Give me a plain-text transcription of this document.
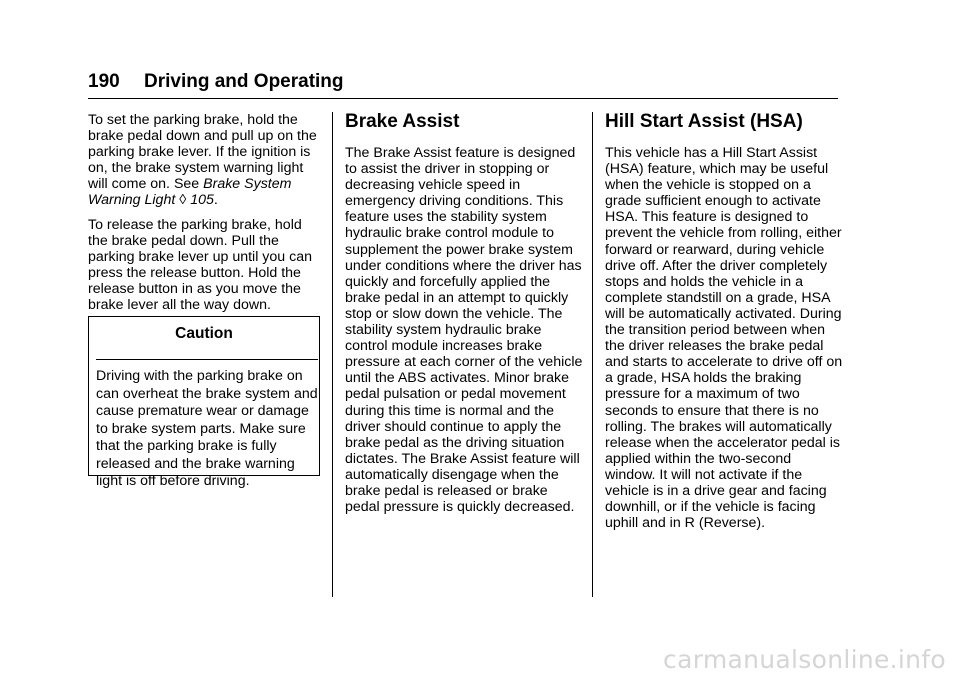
190 Driving and Operating

To set the parking brake, hold the brake pedal down and pull up on the parking brake lever. If the ignition is on, the brake system warning light will come on. See Brake System Warning Light ◊ 105.

To release the parking brake, hold the brake pedal down. Pull the parking brake lever up until you can press the release button. Hold the release button in as you move the brake lever all the way down.

Caution
Driving with the parking brake on can overheat the brake system and cause premature wear or damage to brake system parts. Make sure that the parking brake is fully released and the brake warning light is off before driving.
Brake Assist

The Brake Assist feature is designed to assist the driver in stopping or decreasing vehicle speed in emergency driving conditions. This feature uses the stability system hydraulic brake control module to supplement the power brake system under conditions where the driver has quickly and forcefully applied the brake pedal in an attempt to quickly stop or slow down the vehicle. The stability system hydraulic brake control module increases brake pressure at each corner of the vehicle until the ABS activates. Minor brake pedal pulsation or pedal movement during this time is normal and the driver should continue to apply the brake pedal as the driving situation dictates. The Brake Assist feature will automatically disengage when the brake pedal is released or brake pedal pressure is quickly decreased.

Hill Start Assist (HSA)

This vehicle has a Hill Start Assist (HSA) feature, which may be useful when the vehicle is stopped on a grade sufficient enough to activate HSA. This feature is designed to prevent the vehicle from rolling, either forward or rearward, during vehicle drive off. After the driver completely stops and holds the vehicle in a complete standstill on a grade, HSA will be automatically activated. During the transition period between when the driver releases the brake pedal and starts to accelerate to drive off on a grade, HSA holds the braking pressure for a maximum of two seconds to ensure that there is no rolling. The brakes will automatically release when the accelerator pedal is applied within the two-second window. It will not activate if the vehicle is in a drive gear and facing downhill, or if the vehicle is facing uphill and in R (Reverse).

carmanualsonline.info
